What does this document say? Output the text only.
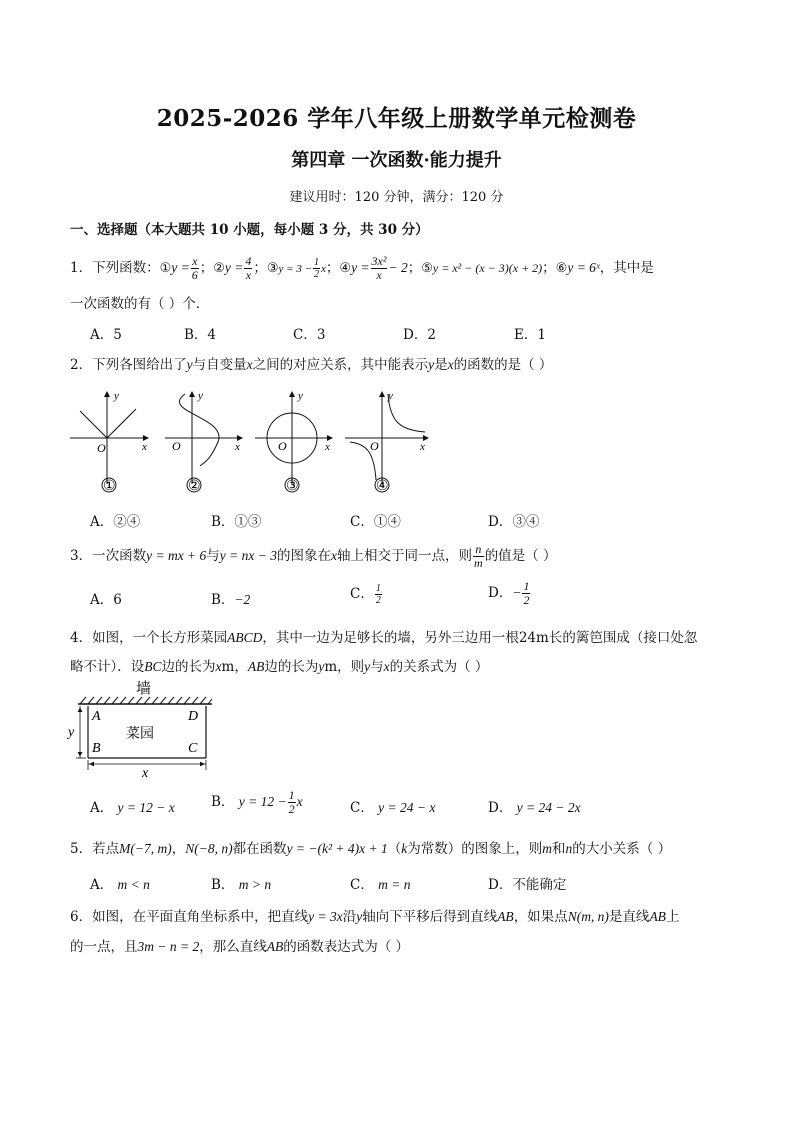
2025-2026 学年八年级上册数学单元检测卷
第四章 一次函数·能力提升
建议用时：120 分钟，满分：120 分
一、选择题（本大题共 10 小题，每小题 3 分，共 30 分）
1．下列函数：①y = $\frac{x}{6}$ ；②y = $\frac{4}{x}$ ；③y = $3 - \frac{1}{2}$ x；④y = $\frac{\text{3x²}}{x} - 2$；⑤y = x² − (x − 3)(x + 2)；⑥y = 6ˣ，其中是
一次函数的有（ ）个．
A．5	B．4	C．3	D．2	E．1
2．下列各图给出了y与自变量x之间的对应关系，其中能表示y是x的函数的是（ ）
y
x
O
①
y
x
O
②
y
x
O
③
y
x
O
④
A．②④	B．①③	C．①④	D．③④
3．一次函数y = mx + 6与y = nx − 3的图象在x轴上相交于同一点，则 $\frac{n}{m}$ 的值是（ ）
A．6	B．−2	C． $\frac{1}{2}$	D．− $\frac{1}{2}$
4．如图，一个长方形菜园ABCD，其中一边为足够长的墙，另外三边用一根24m长的篱笆围成（接口处忽
略不计）．设BC边的长为xm，AB边的长为ym，则y与x的关系式为（ ）
墙
A	D
B	C
菜园
y
x
A． y = 12 − x	B． $y = 12 - \frac{1}{2}$ x	C． y = 24 − x	D． y = 24 − 2x
5．若点M(−7, m)，N(−8, n)都在函数y = −(k² + 4)x + 1（k为常数）的图象上，则m和n的大小关系（ ）
A． m < n	B． m > n	C． m = n	D．不能确定
6．如图，在平面直角坐标系中，把直线y = 3x沿y轴向下平移后得到直线AB，如果点N(m, n)是直线AB上
的一点，且3m − n = 2，那么直线AB的函数表达式为（ ）
